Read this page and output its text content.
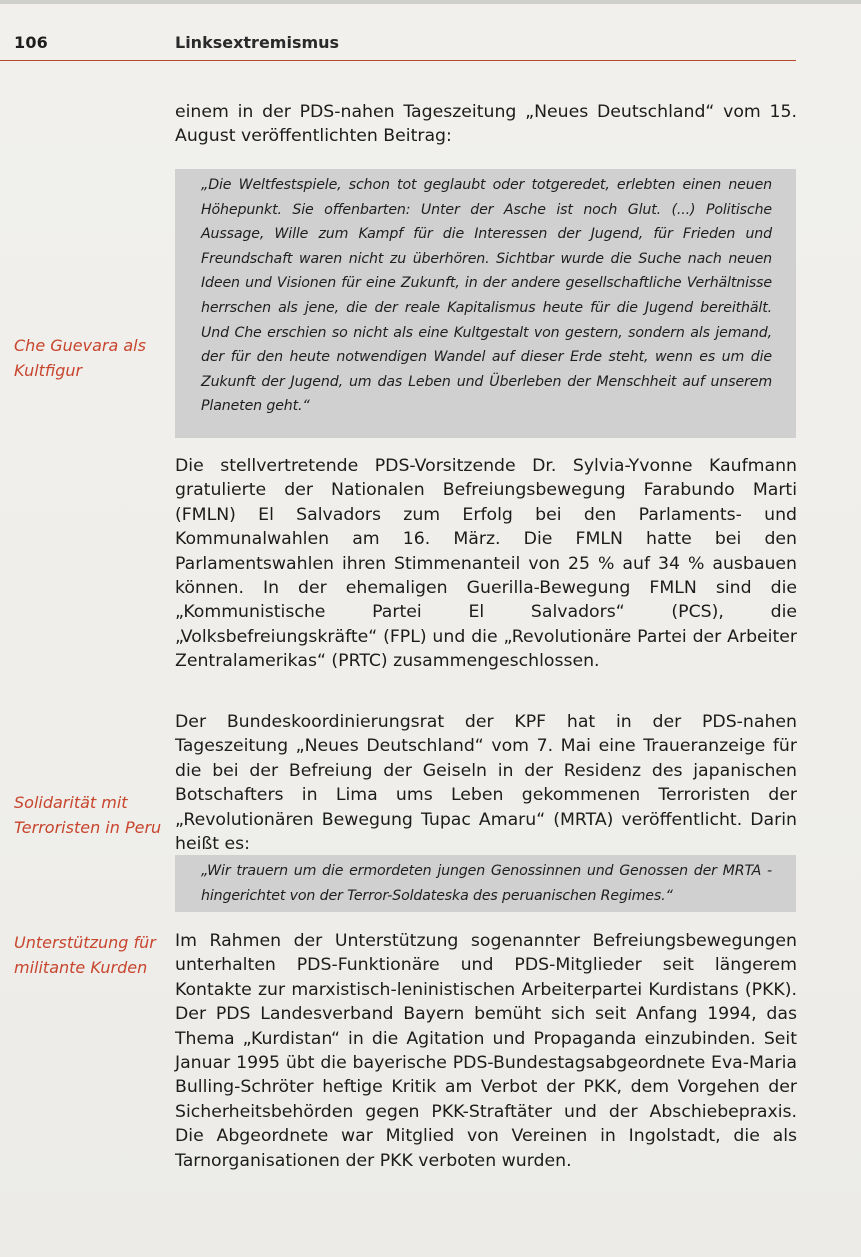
106	Linksextremismus

einem in der PDS-nahen Tageszeitung „Neues Deutschland“ vom 15. August veröffentlichten Beitrag:

„Die Weltfestspiele, schon tot geglaubt oder totgeredet, erlebten einen neuen Höhepunkt. Sie offenbarten: Unter der Asche ist noch Glut. (...) Politische Aussage, Wille zum Kampf für die Interessen der Jugend, für Frieden und Freundschaft waren nicht zu überhören. Sichtbar wurde die Suche nach neuen Ideen und Visionen für eine Zukunft, in der andere gesellschaftliche Verhältnisse herrschen als jene, die der reale Kapitalismus heute für die Jugend bereithält. Und Che erschien so nicht als eine Kultgestalt von gestern, sondern als jemand, der für den heute notwendigen Wandel auf dieser Erde steht, wenn es um die Zukunft der Jugend, um das Leben und Überleben der Menschheit auf unserem Planeten geht.“

Che Guevara als Kultfigur

Die stellvertretende PDS-Vorsitzende Dr. Sylvia-Yvonne Kaufmann gratulierte der Nationalen Befreiungsbewegung Farabundo Marti (FMLN) El Salvadors zum Erfolg bei den Parlaments- und Kommunalwahlen am 16. März. Die FMLN hatte bei den Parlamentswahlen ihren Stimmenanteil von 25 % auf 34 % ausbauen können. In der ehemaligen Guerilla-Bewegung FMLN sind die „Kommunistische Partei El Salvadors“ (PCS), die „Volksbefreiungskräfte“ (FPL) und die „Revolutionäre Partei der Arbeiter Zentralamerikas“ (PRTC) zusammengeschlossen.

Der Bundeskoordinierungsrat der KPF hat in der PDS-nahen Tageszeitung „Neues Deutschland“ vom 7. Mai eine Traueranzeige für die bei der Befreiung der Geiseln in der Residenz des japanischen Botschafters in Lima ums Leben gekommenen Terroristen der „Revolutionären Bewegung Tupac Amaru“ (MRTA) veröffentlicht. Darin heißt es:

Solidarität mit Terroristen in Peru

„Wir trauern um die ermordeten jungen Genossinnen und Genossen der MRTA - hingerichtet von der Terror-Soldateska des peruanischen Regimes.“

Unterstützung für militante Kurden

Im Rahmen der Unterstützung sogenannter Befreiungsbewegungen unterhalten PDS-Funktionäre und PDS-Mitglieder seit längerem Kontakte zur marxistisch-leninistischen Arbeiterpartei Kurdistans (PKK). Der PDS Landesverband Bayern bemüht sich seit Anfang 1994, das Thema „Kurdistan“ in die Agitation und Propaganda einzubinden. Seit Januar 1995 übt die bayerische PDS-Bundestagsabgeordnete Eva-Maria Bulling-Schröter heftige Kritik am Verbot der PKK, dem Vorgehen der Sicherheitsbehörden gegen PKK-Straftäter und der Abschiebepraxis. Die Abgeordnete war Mitglied von Vereinen in Ingolstadt, die als Tarnorganisationen der PKK verboten wurden.
